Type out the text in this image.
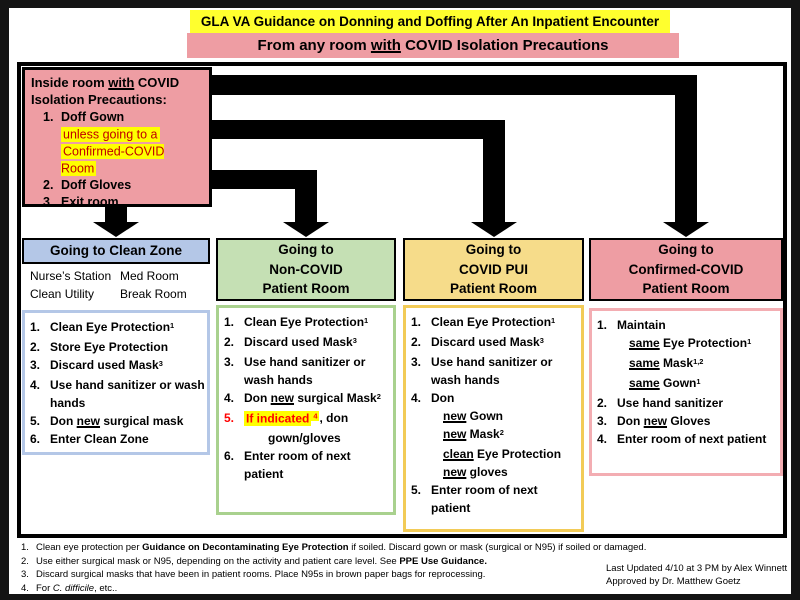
GLA VA Guidance on Donning and Doffing After An Inpatient Encounter
From any room with COVID Isolation Precautions
Inside room with COVID Isolation Precautions:
1. Doff Gown
unless going to a
Confirmed-COVID Room
2. Doff Gloves
3. Exit room
Going to Clean Zone	Going to
Non-COVID
Patient Room
Going to
COVID PUI
Patient Room
Going to
Confirmed-COVID
Patient Room
Nurse’s Station
Clean Utility
Med Room
Break Room
1. Clean Eye Protection$^1$
2. Store Eye Protection
3. Discard used Mask$^3$
4. Use hand sanitizer or wash hands
5. Don new surgical mask
6. Enter Clean Zone
1. Clean Eye Protection$^1$
2. Discard used Mask$^3$
3. Use hand sanitizer or wash hands
4. Don new surgical Mask$^2$
5. If indicated $^4$ , don
gown/gloves
6. Enter room of next patient
1. Clean Eye Protection$^1$
2. Discard used Mask$^3$
3. Use hand sanitizer or wash hands
4. Don
new Gown
new Mask$^2$
clean Eye Protection
new gloves
5. Enter room of next patient
1. Maintain
same Eye Protection$^1$
same Mask$^{1,2}$
same Gown$^1$
2. Use hand sanitizer
3. Don new Gloves
4. Enter room of next patient
1. Clean eye protection per Guidance on Decontaminating Eye Protection if soiled. Discard gown or mask (surgical or N95) if soiled or damaged.
2. Use either surgical mask or N95, depending on the activity and patient care level. See PPE Use Guidance.
3. Discard surgical masks that have been in patient rooms. Place N95s in brown paper bags for reprocessing.
4. For C. difficile, etc..
Last Updated 4/10 at 3 PM by Alex Winnett
Approved by Dr. Matthew Goetz
